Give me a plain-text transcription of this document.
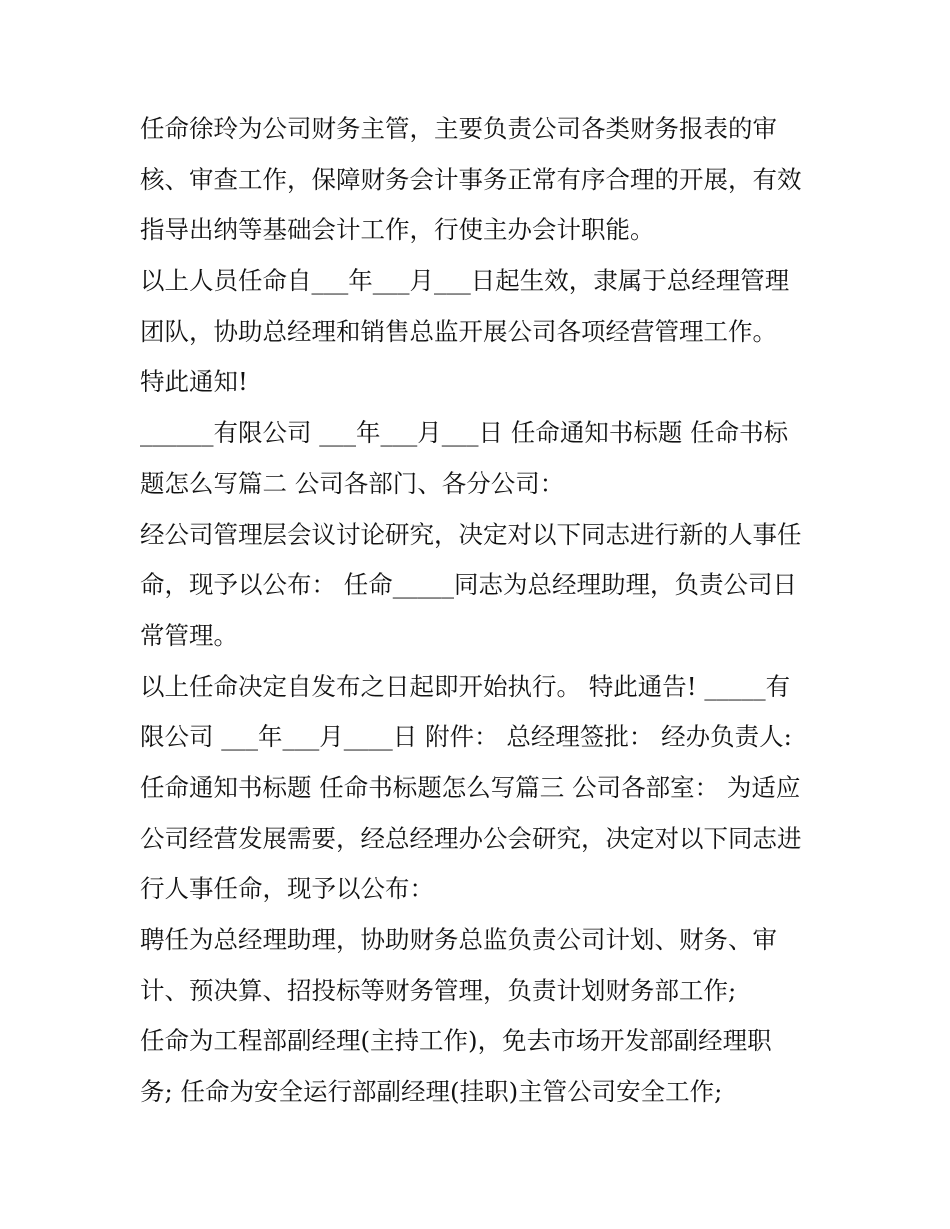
任命徐玲为公司财务主管，主要负责公司各类财务报表的审
核、审查工作，保障财务会计事务正常有序合理的开展，有效
指导出纳等基础会计工作，行使主办会计职能。
以上人员任命自___年___月___日起生效，隶属于总经理管理
团队，协助总经理和销售总监开展公司各项经营管理工作。
特此通知!
______有限公司 ___年___月___日 任命通知书标题 任命书标
题怎么写篇二 公司各部门、各分公司：
经公司管理层会议讨论研究，决定对以下同志进行新的人事任
命，现予以公布： 任命_____同志为总经理助理，负责公司日
常管理。
以上任命决定自发布之日起即开始执行。 特此通告! _____有
限公司 ___年___月____日 附件： 总经理签批： 经办负责人:
任命通知书标题 任命书标题怎么写篇三 公司各部室： 为适应
公司经营发展需要，经总经理办公会研究，决定对以下同志进
行人事任命，现予以公布：
聘任为总经理助理，协助财务总监负责公司计划、财务、审
计、预决算、招投标等财务管理，负责计划财务部工作;
任命为工程部副经理(主持工作)，免去市场开发部副经理职
务; 任命为安全运行部副经理(挂职)主管公司安全工作;
